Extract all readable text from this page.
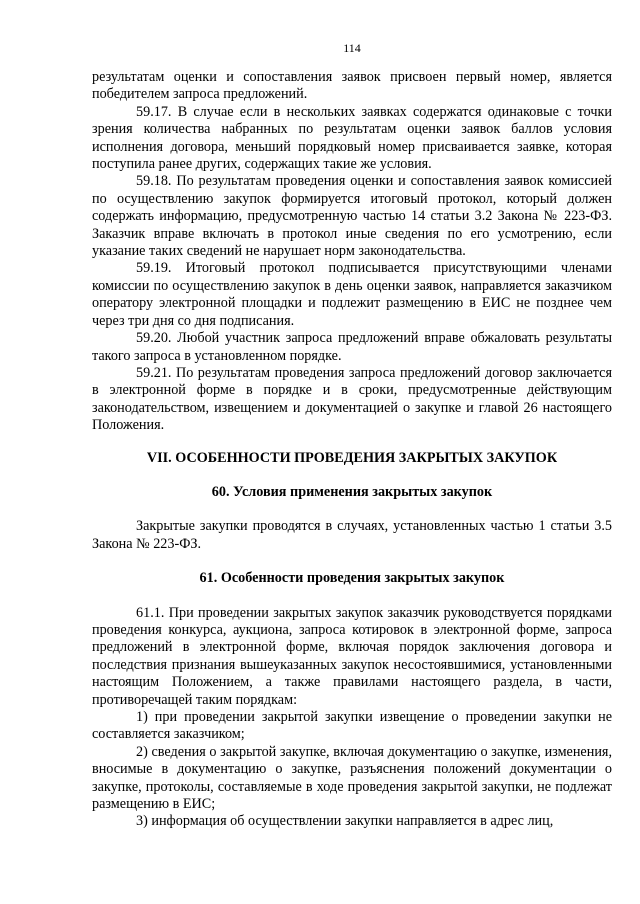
114

результатам оценки и сопоставления заявок присвоен первый номер, является победителем запроса предложений.

59.17. В случае если в нескольких заявках содержатся одинаковые с точки зрения количества набранных по результатам оценки заявок баллов условия исполнения договора, меньший порядковый номер присваивается заявке, которая поступила ранее других, содержащих такие же условия.

59.18. По результатам проведения оценки и сопоставления заявок комиссией по осуществлению закупок формируется итоговый протокол, который должен содержать информацию, предусмотренную частью 14 статьи 3.2 Закона № 223-ФЗ. Заказчик вправе включать в протокол иные сведения по его усмотрению, если указание таких сведений не нарушает норм законодательства.

59.19. Итоговый протокол подписывается присутствующими членами комиссии по осуществлению закупок в день оценки заявок, направляется заказчиком оператору электронной площадки и подлежит размещению в ЕИС не позднее чем через три дня со дня подписания.

59.20. Любой участник запроса предложений вправе обжаловать результаты такого запроса в установленном порядке.

59.21. По результатам проведения запроса предложений договор заключается в электронной форме в порядке и в сроки, предусмотренные действующим законодательством, извещением и документацией о закупке и главой 26 настоящего Положения.

VII. ОСОБЕННОСТИ ПРОВЕДЕНИЯ ЗАКРЫТЫХ ЗАКУПОК
60. Условия применения закрытых закупок

Закрытые закупки проводятся в случаях, установленных частью 1 статьи 3.5 Закона № 223-ФЗ.

61. Особенности проведения закрытых закупок

61.1. При проведении закрытых закупок заказчик руководствуется порядками проведения конкурса, аукциона, запроса котировок в электронной форме, запроса предложений в электронной форме, включая порядок заключения договора и последствия признания вышеуказанных закупок несостоявшимися, установленными настоящим Положением, а также правилами настоящего раздела, в части, противоречащей таким порядкам:

1) при проведении закрытой закупки извещение о проведении закупки не составляется заказчиком;

2) сведения о закрытой закупке, включая документацию о закупке, изменения, вносимые в документацию о закупке, разъяснения положений документации о закупке, протоколы, составляемые в ходе проведения закрытой закупки, не подлежат размещению в ЕИС;

3) информация об осуществлении закупки направляется в адрес лиц,
